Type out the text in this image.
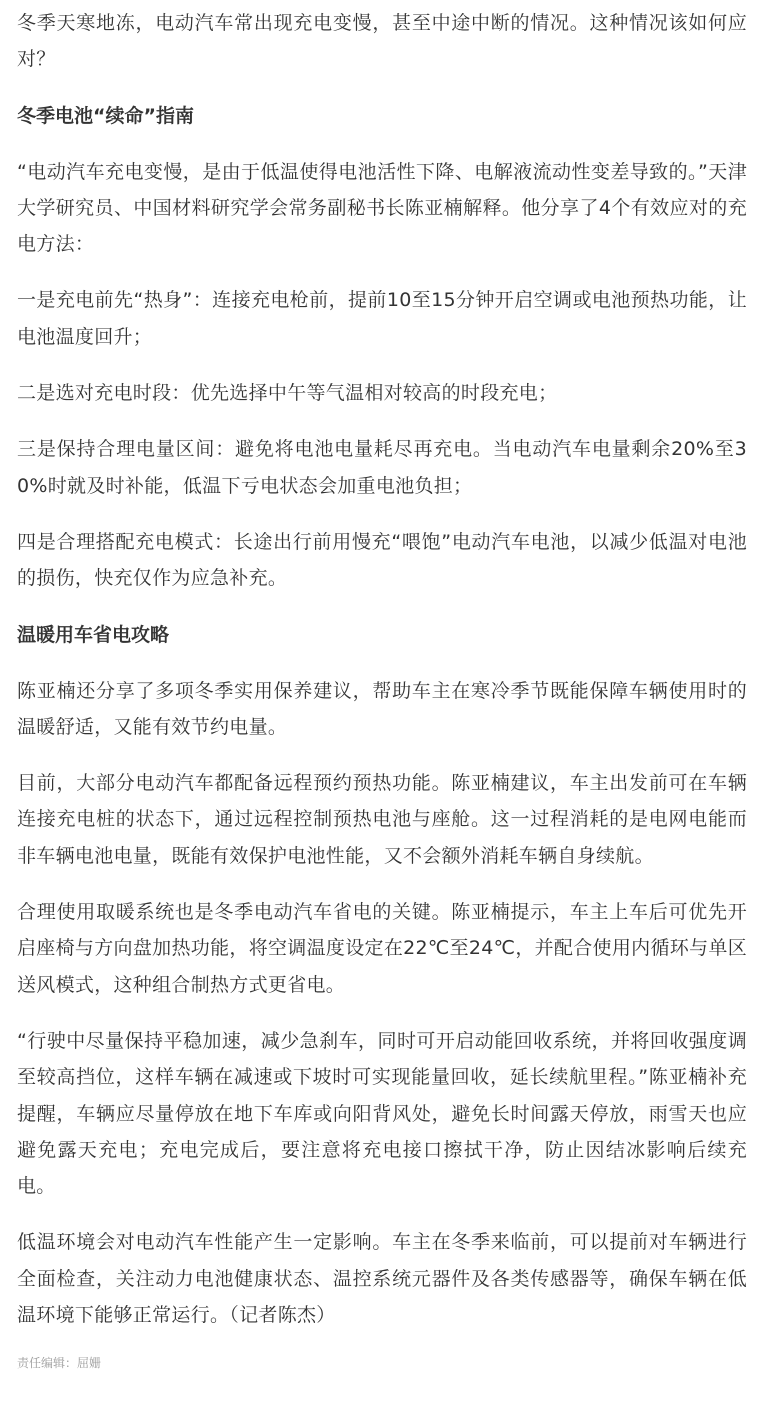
冬季天寒地冻，电动汽车常出现充电变慢，甚至中途中断的情况。这种情况该如何应对？

冬季电池“续命”指南

“电动汽车充电变慢，是由于低温使得电池活性下降、电解液流动性变差导致的。”天津大学研究员、中国材料研究学会常务副秘书长陈亚楠解释。他分享了4个有效应对的充电方法：

一是充电前先“热身”：连接充电枪前，提前10至15分钟开启空调或电池预热功能，让电池温度回升；

二是选对充电时段：优先选择中午等气温相对较高的时段充电；

三是保持合理电量区间：避免将电池电量耗尽再充电。当电动汽车电量剩余20%至30%时就及时补能，低温下亏电状态会加重电池负担；

四是合理搭配充电模式：长途出行前用慢充“喂饱”电动汽车电池，以减少低温对电池的损伤，快充仅作为应急补充。

温暖用车省电攻略

陈亚楠还分享了多项冬季实用保养建议，帮助车主在寒冷季节既能保障车辆使用时的温暖舒适，又能有效节约电量。

目前，大部分电动汽车都配备远程预约预热功能。陈亚楠建议，车主出发前可在车辆连接充电桩的状态下，通过远程控制预热电池与座舱。这一过程消耗的是电网电能而非车辆电池电量，既能有效保护电池性能，又不会额外消耗车辆自身续航。

合理使用取暖系统也是冬季电动汽车省电的关键。陈亚楠提示，车主上车后可优先开启座椅与方向盘加热功能，将空调温度设定在22℃至24℃，并配合使用内循环与单区送风模式，这种组合制热方式更省电。

“行驶中尽量保持平稳加速，减少急刹车，同时可开启动能回收系统，并将回收强度调至较高挡位，这样车辆在减速或下坡时可实现能量回收，延长续航里程。”陈亚楠补充提醒，车辆应尽量停放在地下车库或向阳背风处，避免长时间露天停放，雨雪天也应避免露天充电；充电完成后，要注意将充电接口擦拭干净，防止因结冰影响后续充电。

低温环境会对电动汽车性能产生一定影响。车主在冬季来临前，可以提前对车辆进行全面检查，关注动力电池健康状态、温控系统元器件及各类传感器等，确保车辆在低温环境下能够正常运行。（记者陈杰）

责任编辑：屈姗
